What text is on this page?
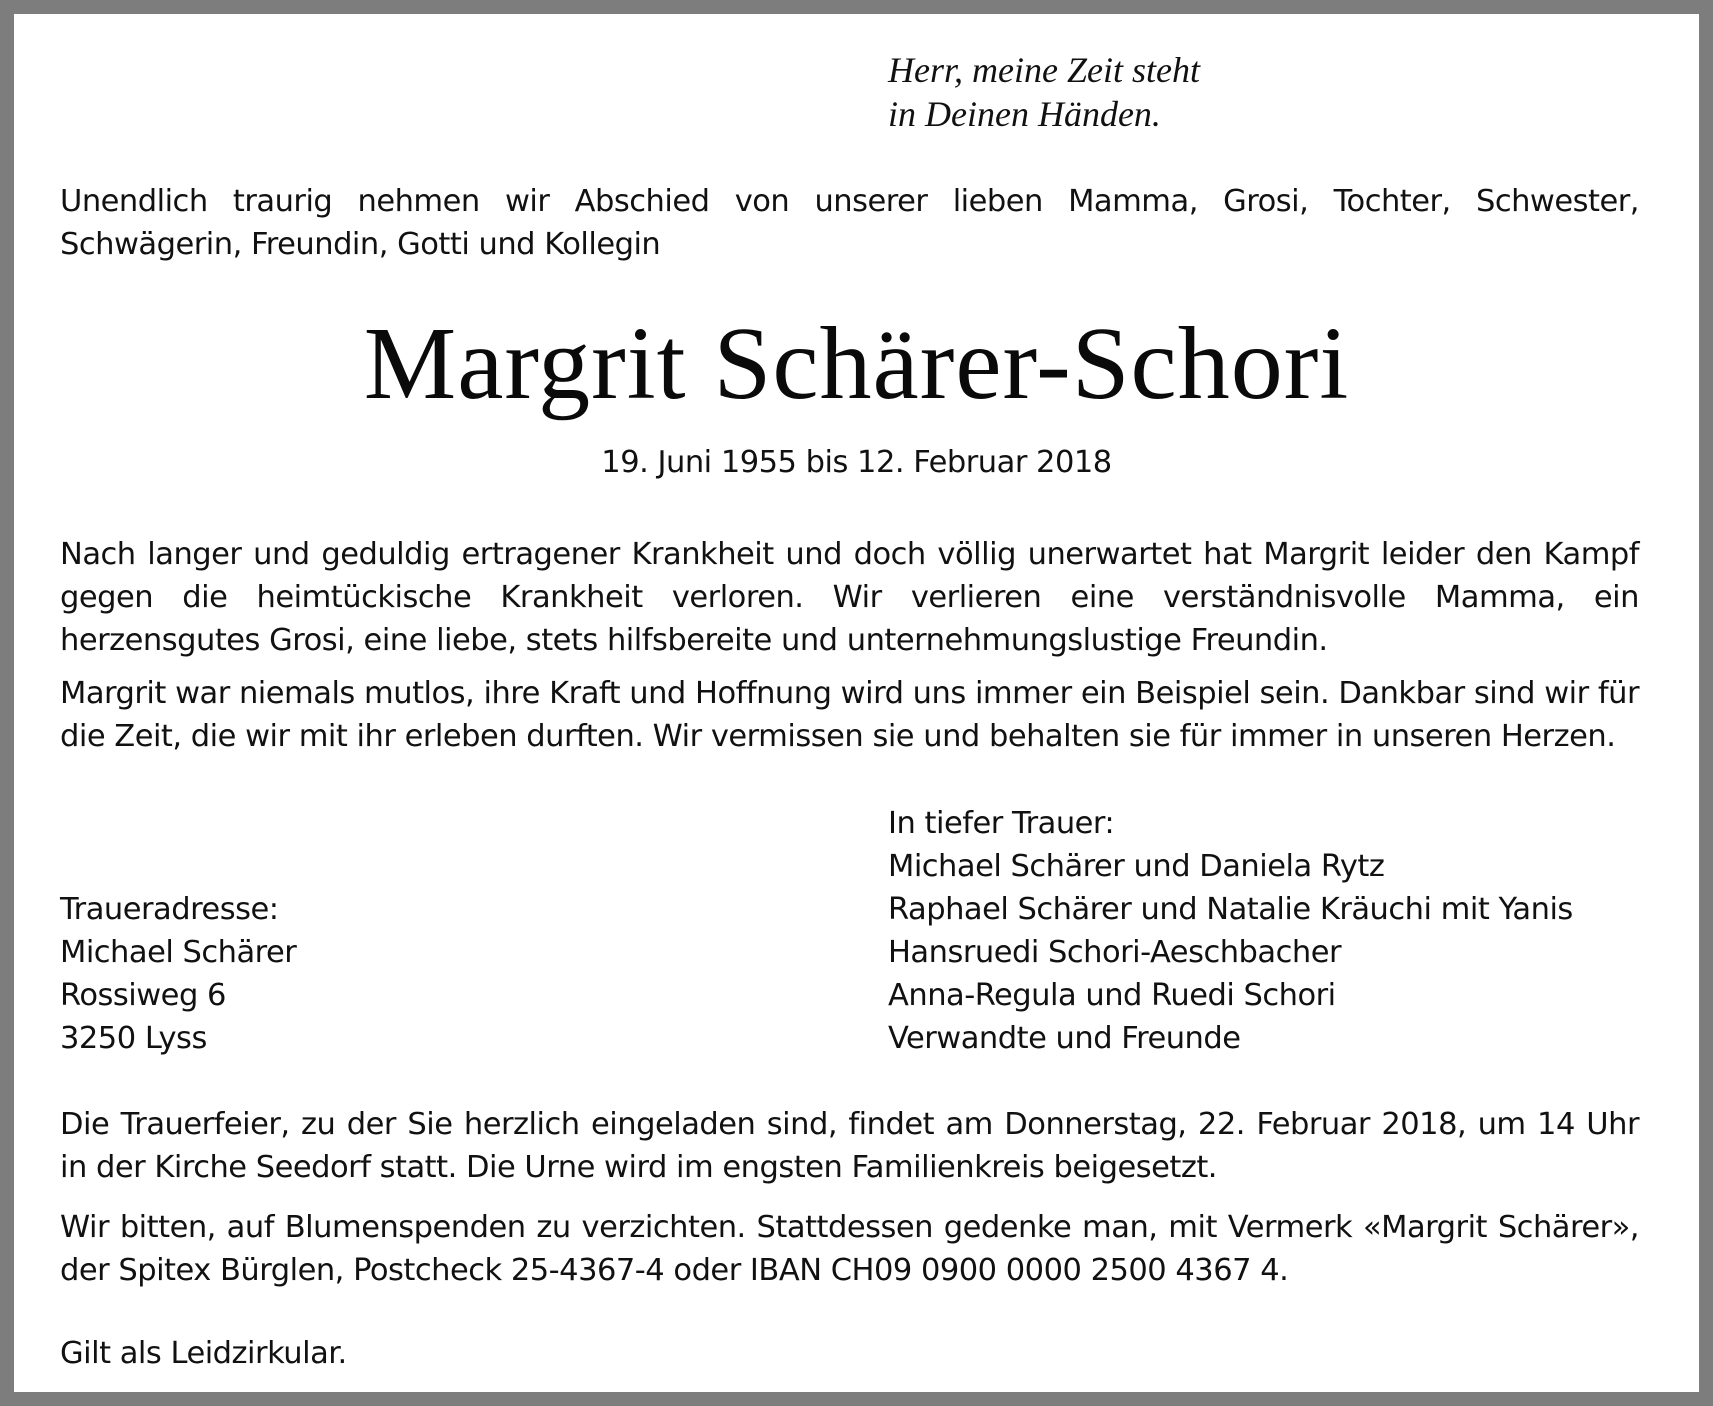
Herr, meine Zeit steht
in Deinen Händen.
Unendlich traurig nehmen wir Abschied von unserer lieben Mamma, Grosi, Tochter, Schwester, Schwägerin, Freundin, Gotti und Kollegin
Margrit Schärer-Schori
19. Juni 1955 bis 12. Februar 2018
Nach langer und geduldig ertragener Krankheit und doch völlig unerwartet hat Margrit leider den Kampf gegen die heimtückische Krankheit verloren. Wir verlieren eine verständnisvolle Mamma, ein herzensgutes Grosi, eine liebe, stets hilfsbereite und unternehmungslustige Freundin.
Margrit war niemals mutlos, ihre Kraft und Hoffnung wird uns immer ein Beispiel sein. Dankbar sind wir für die Zeit, die wir mit ihr erleben durften. Wir vermissen sie und behalten sie für immer in unseren Herzen.
Traueradresse:
Michael Schärer
Rossiweg 6
3250 Lyss
In tiefer Trauer:
Michael Schärer und Daniela Rytz
Raphael Schärer und Natalie Kräuchi mit Yanis
Hansruedi Schori-Aeschbacher
Anna-Regula und Ruedi Schori
Verwandte und Freunde
Die Trauerfeier, zu der Sie herzlich eingeladen sind, findet am Donnerstag, 22. Februar 2018, um 14 Uhr in der Kirche Seedorf statt. Die Urne wird im engsten Familienkreis beigesetzt.
Wir bitten, auf Blumenspenden zu verzichten. Stattdessen gedenke man, mit Vermerk «Margrit Schärer», der Spitex Bürglen, Postcheck 25-4367-4 oder IBAN CH09 0900 0000 2500 4367 4.
Gilt als Leidzirkular.
